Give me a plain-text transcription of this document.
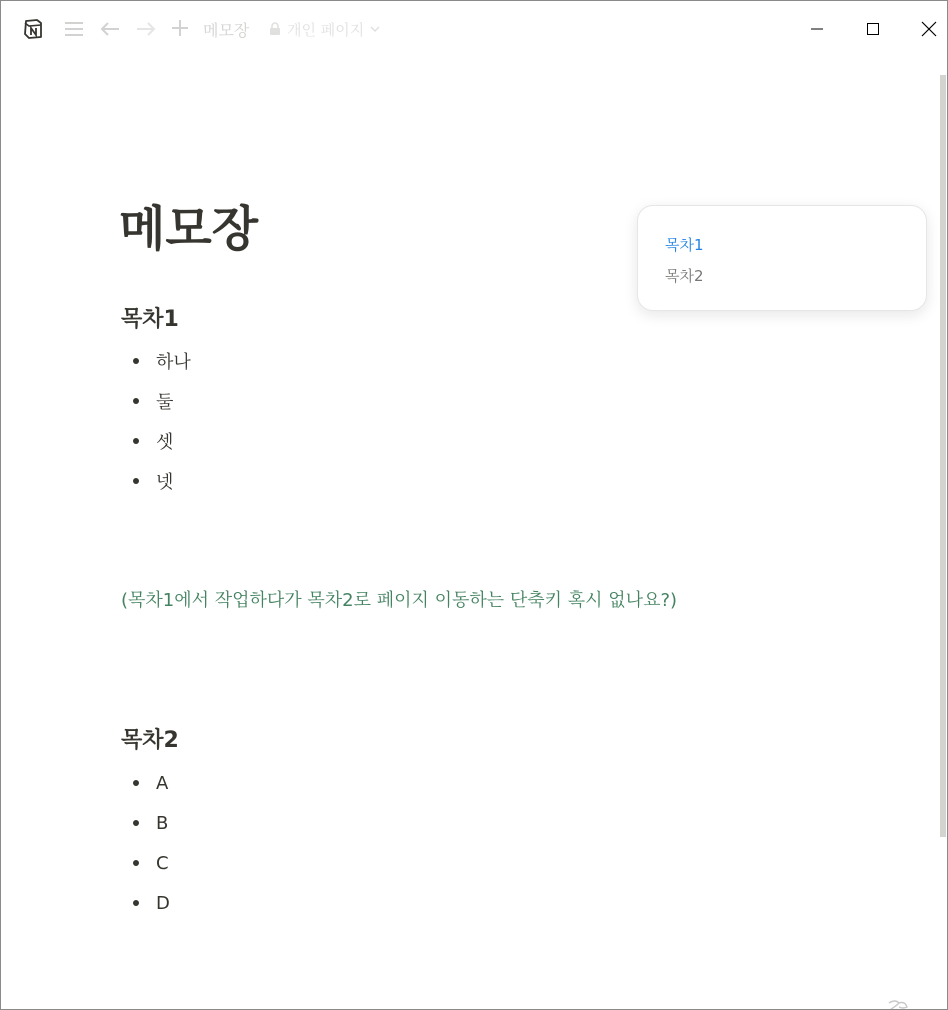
메모장	개인 페이지
메모장
목차1
하나
둘
셋
넷
(목차1에서 작업하다가 목차2로 페이지 이동하는 단축키 혹시 없나요?)
목차2
A
B
C
D
목차1
목차2
